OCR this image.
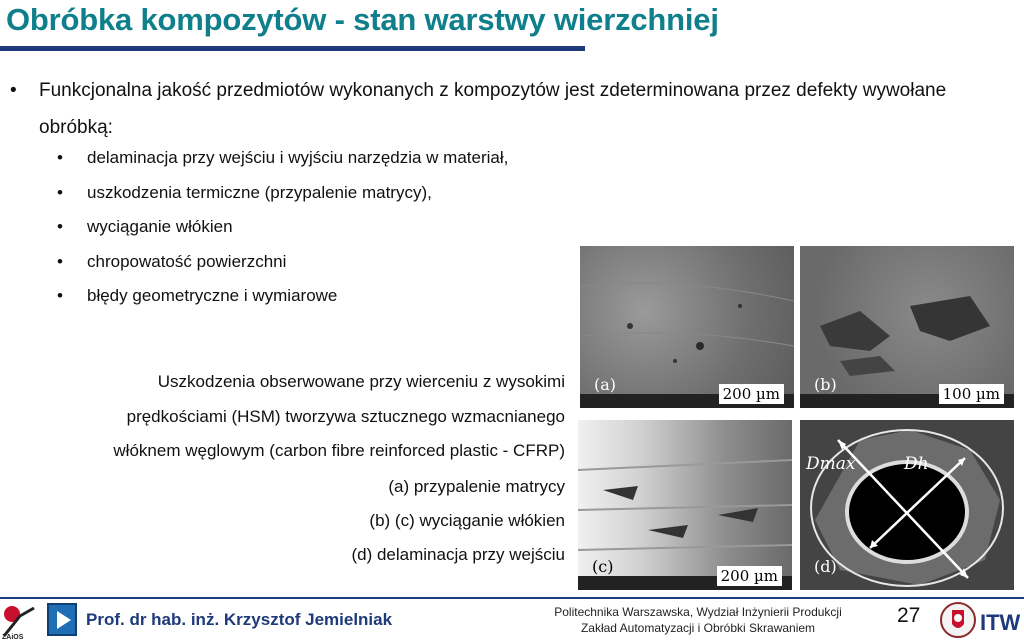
Obróbka kompozytów - stan warstwy wierzchniej
• Funkcjonalna jakość przedmiotów wykonanych z kompozytów jest zdeterminowana przez defekty wywołane obróbką:
• delaminacja przy wejściu i wyjściu narzędzia w materiał,
• uszkodzenia termiczne (przypalenie matrycy),
• wyciąganie włókien
• chropowatość powierzchni
• błędy geometryczne i wymiarowe
Uszkodzenia obserwowane przy wierceniu z wysokimi
prędkościami (HSM) tworzywa sztucznego wzmacnianego
włóknem węglowym (carbon fibre reinforced plastic - CFRP)
(a) przypalenie matrycy
(b) (c) wyciąganie włókien
(d) delaminacja przy wejściu
(a)	200 µm (b)	100 µm
(c)	200 µm
Dmax	Dh
(d)
ZAiOS
Prof. dr hab. inż. Krzysztof Jemielniak	Politechnika Warszawska, Wydział Inżynierii Produkcji
Zakład Automatyzacji i Obróbki Skrawaniem
27	ITW
